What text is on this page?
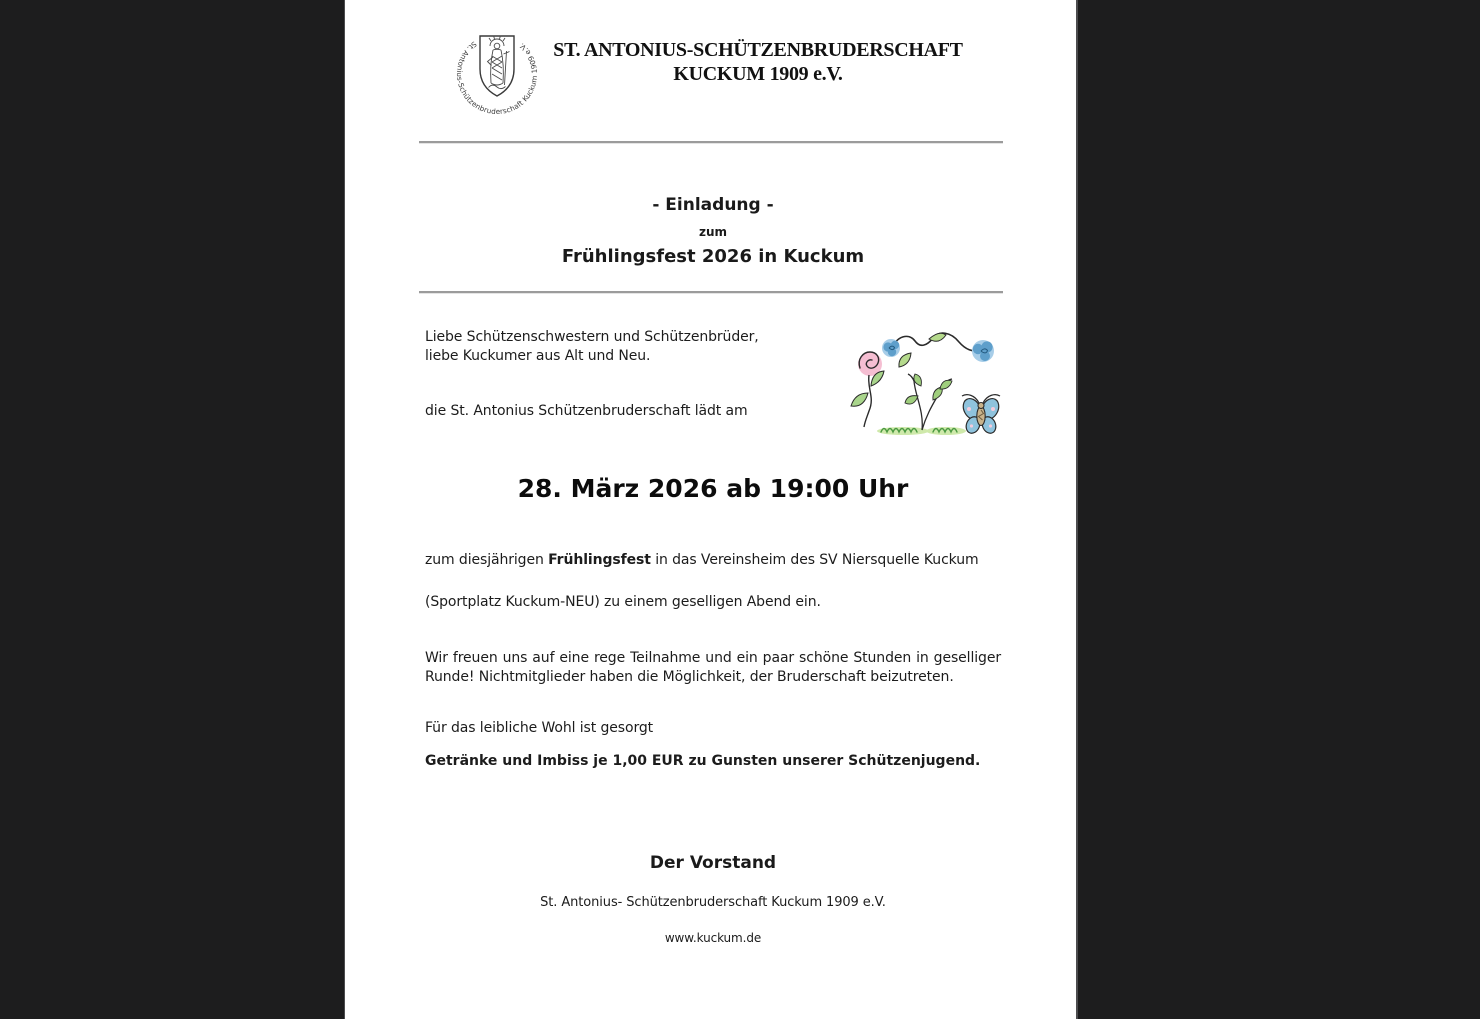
St. Antonius-Schützenbruderschaft Kuckum 1909 e.V.	ST. ANTONIUS-SCHÜTZENBRUDERSCHAFT
KUCKUM 1909 e.V.
- Einladung -
zum
Frühlingsfest 2026 in Kuckum
Liebe Schützenschwestern und Schützenbrüder,
liebe Kuckumer aus Alt und Neu.
die St. Antonius Schützenbruderschaft lädt am
28. März 2026 ab 19:00 Uhr
zum diesjährigen Frühlingsfest in das Vereinsheim des SV Niersquelle Kuckum
(Sportplatz Kuckum-NEU) zu einem geselligen Abend ein.
Wir freuen uns auf eine rege Teilnahme und ein paar schöne Stunden in geselliger Runde! Nichtmitglieder haben die Möglichkeit, der Bruderschaft beizutreten.
Für das leibliche Wohl ist gesorgt
Getränke und Imbiss je 1,00 EUR zu Gunsten unserer Schützenjugend.
Der Vorstand
St. Antonius- Schützenbruderschaft Kuckum 1909 e.V.
www.kuckum.de
